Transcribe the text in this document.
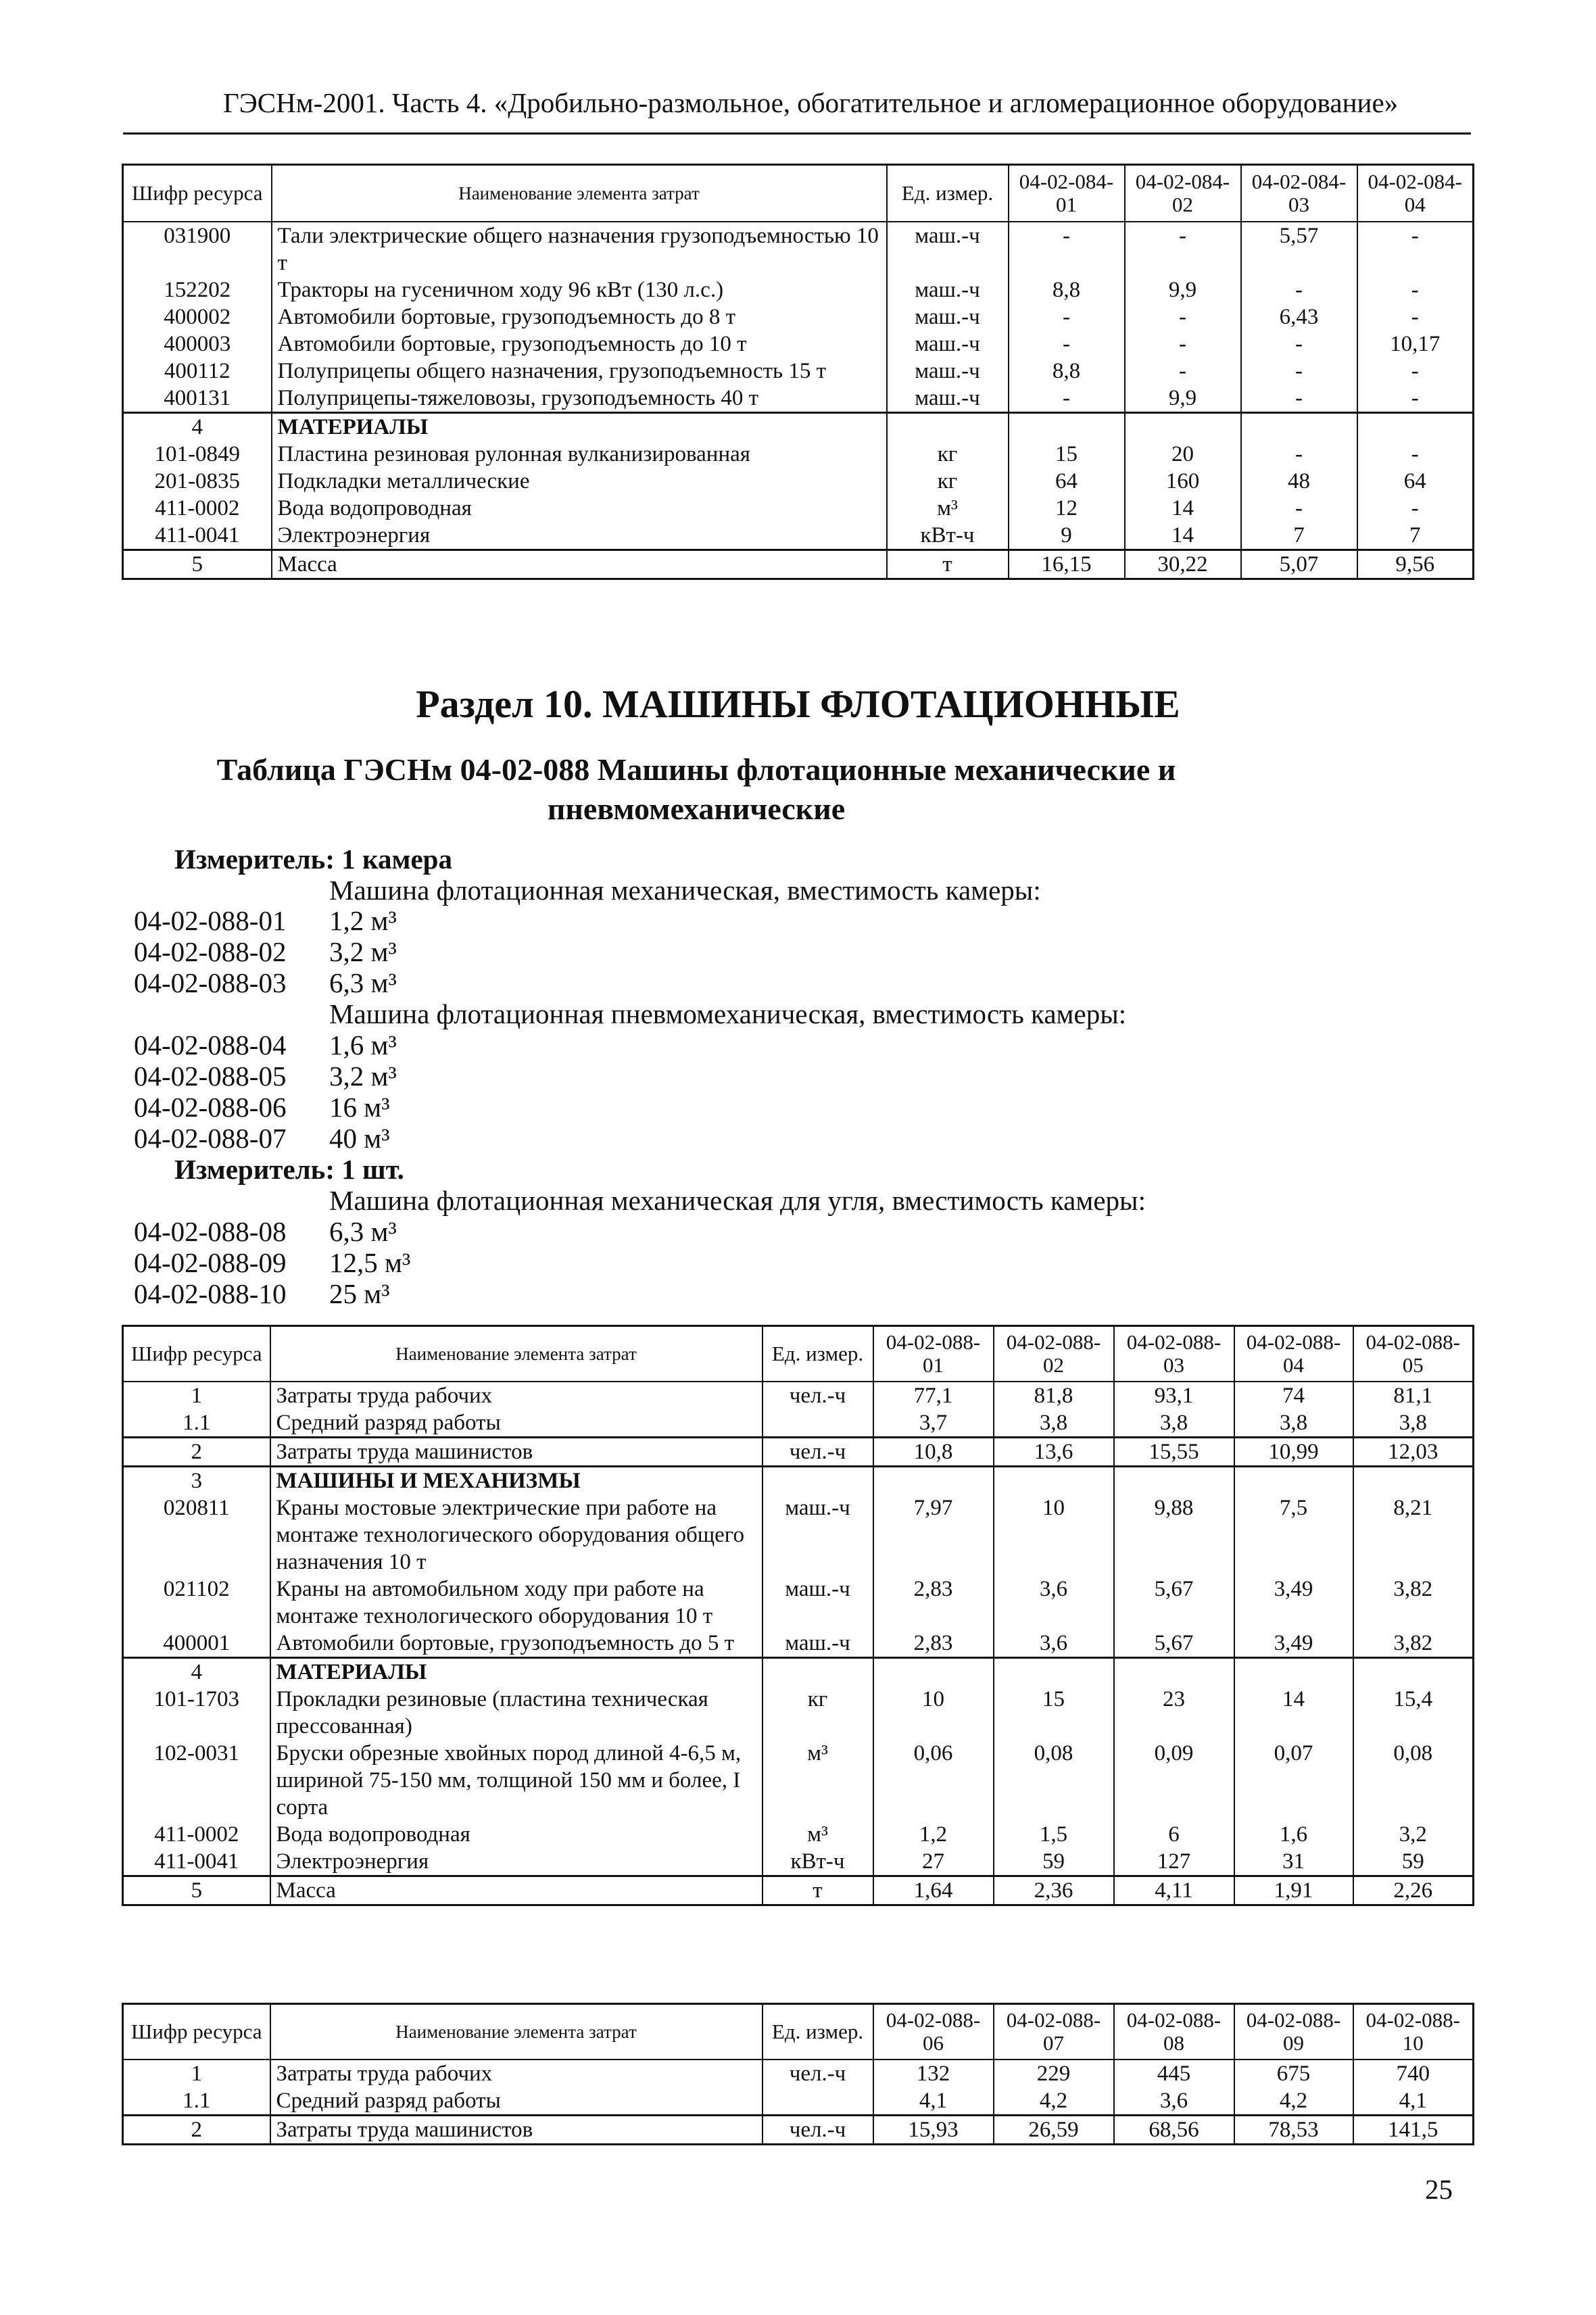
ГЭСНм-2001. Часть 4. «Дробильно-размольное, обогатительное и агломерационное оборудование»
Шифр ресурса	Наименование элемента затрат	Ед. измер.	04-02-084-01	04-02-084-02	04-02-084-03	04-02-084-04
031900	Тали электрические общего назначения грузоподъемностью 10 т	маш.-ч	-	-	5,57	-
152202	Тракторы на гусеничном ходу 96 кВт (130 л.с.)	маш.-ч	8,8	9,9	-	-
400002	Автомобили бортовые, грузоподъемность до 8 т	маш.-ч	-	-	6,43	-
400003	Автомобили бортовые, грузоподъемность до 10 т	маш.-ч	-	-	-	10,17
400112	Полуприцепы общего назначения, грузоподъемность 15 т	маш.-ч	8,8	-	-	-
400131	Полуприцепы-тяжеловозы, грузоподъемность 40 т	маш.-ч	-	9,9	-	-
4	МАТЕРИАЛЫ					
101-0849	Пластина резиновая рулонная вулканизированная	кг	15	20	-	-
201-0835	Подкладки металлические	кг	64	160	48	64
411-0002	Вода водопроводная	м³	12	14	-	-
411-0041	Электроэнергия	кВт-ч	9	14	7	7
5	Масса	т	16,15	30,22	5,07	9,56
Раздел 10. МАШИНЫ ФЛОТАЦИОННЫЕ
Таблица ГЭСНм 04-02-088 Машины флотационные механические и пневмомеханические
Измеритель: 1 камера
Машина флотационная механическая, вместимость камеры:
04-02-088-01 1,2 м³
04-02-088-02 3,2 м³
04-02-088-03 6,3 м³
Машина флотационная пневмомеханическая, вместимость камеры:
04-02-088-04 1,6 м³
04-02-088-05 3,2 м³
04-02-088-06 16 м³
04-02-088-07 40 м³
Измеритель: 1 шт.
Машина флотационная механическая для угля, вместимость камеры:
04-02-088-08 6,3 м³
04-02-088-09 12,5 м³
04-02-088-10 25 м³
Шифр ресурса	Наименование элемента затрат	Ед. измер.	04-02-088-01	04-02-088-02	04-02-088-03	04-02-088-04	04-02-088-05
1	Затраты труда рабочих	чел.-ч	77,1	81,8	93,1	74	81,1
1.1	Средний разряд работы		3,7	3,8	3,8	3,8	3,8
2	Затраты труда машинистов	чел.-ч	10,8	13,6	15,55	10,99	12,03
3	МАШИНЫ И МЕХАНИЗМЫ						
020811	Краны мостовые электрические при работе на монтаже технологического оборудования общего назначения 10 т	маш.-ч	7,97	10	9,88	7,5	8,21
021102	Краны на автомобильном ходу при работе на монтаже технологического оборудования 10 т	маш.-ч	2,83	3,6	5,67	3,49	3,82
400001	Автомобили бортовые, грузоподъемность до 5 т	маш.-ч	2,83	3,6	5,67	3,49	3,82
4	МАТЕРИАЛЫ						
101-1703	Прокладки резиновые (пластина техническая прессованная)	кг	10	15	23	14	15,4
102-0031	Бруски обрезные хвойных пород длиной 4-6,5 м, шириной 75-150 мм, толщиной 150 мм и более, I сорта	м³	0,06	0,08	0,09	0,07	0,08
411-0002	Вода водопроводная	м³	1,2	1,5	6	1,6	3,2
411-0041	Электроэнергия	кВт-ч	27	59	127	31	59
5	Масса	т	1,64	2,36	4,11	1,91	2,26
Шифр ресурса	Наименование элемента затрат	Ед. измер.	04-02-088-06	04-02-088-07	04-02-088-08	04-02-088-09	04-02-088-10
1	Затраты труда рабочих	чел.-ч	132	229	445	675	740
1.1	Средний разряд работы		4,1	4,2	3,6	4,2	4,1
2	Затраты труда машинистов	чел.-ч	15,93	26,59	68,56	78,53	141,5
25
